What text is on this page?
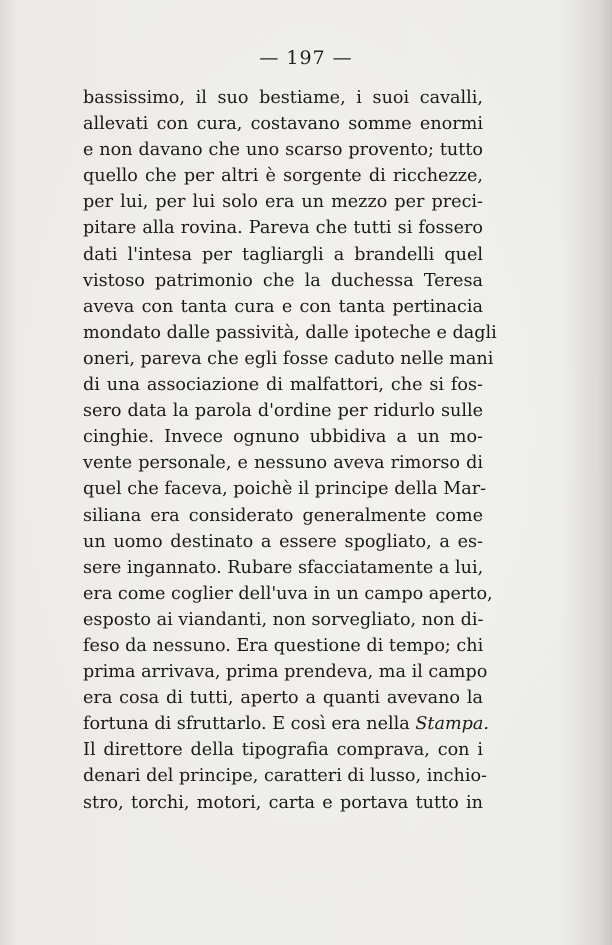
— 197 —
bassissimo, il suo bestiame, i suoi cavalli,
allevati con cura, costavano somme enormi
e non davano che uno scarso provento; tutto
quello che per altri è sorgente di ricchezze,
per lui, per lui solo era un mezzo per preci-
pitare alla rovina. Pareva che tutti si fossero
dati l'intesa per tagliargli a brandelli quel
vistoso patrimonio che la duchessa Teresa
aveva con tanta cura e con tanta pertinacia
mondato dalle passività, dalle ipoteche e dagli
oneri, pareva che egli fosse caduto nelle mani
di una associazione di malfattori, che si fos-
sero data la parola d'ordine per ridurlo sulle
cinghie. Invece ognuno ubbidiva a un mo-
vente personale, e nessuno aveva rimorso di
quel che faceva, poichè il principe della Mar-
siliana era considerato generalmente come
un uomo destinato a essere spogliato, a es-
sere ingannato. Rubare sfacciatamente a lui,
era come coglier dell'uva in un campo aperto,
esposto ai viandanti, non sorvegliato, non di-
feso da nessuno. Era questione di tempo; chi
prima arrivava, prima prendeva, ma il campo
era cosa di tutti, aperto a quanti avevano la
fortuna di sfruttarlo. E così era nella Stampa.
Il direttore della tipografia comprava, con i
denari del principe, caratteri di lusso, inchio-
stro, torchi, motori, carta e portava tutto in
